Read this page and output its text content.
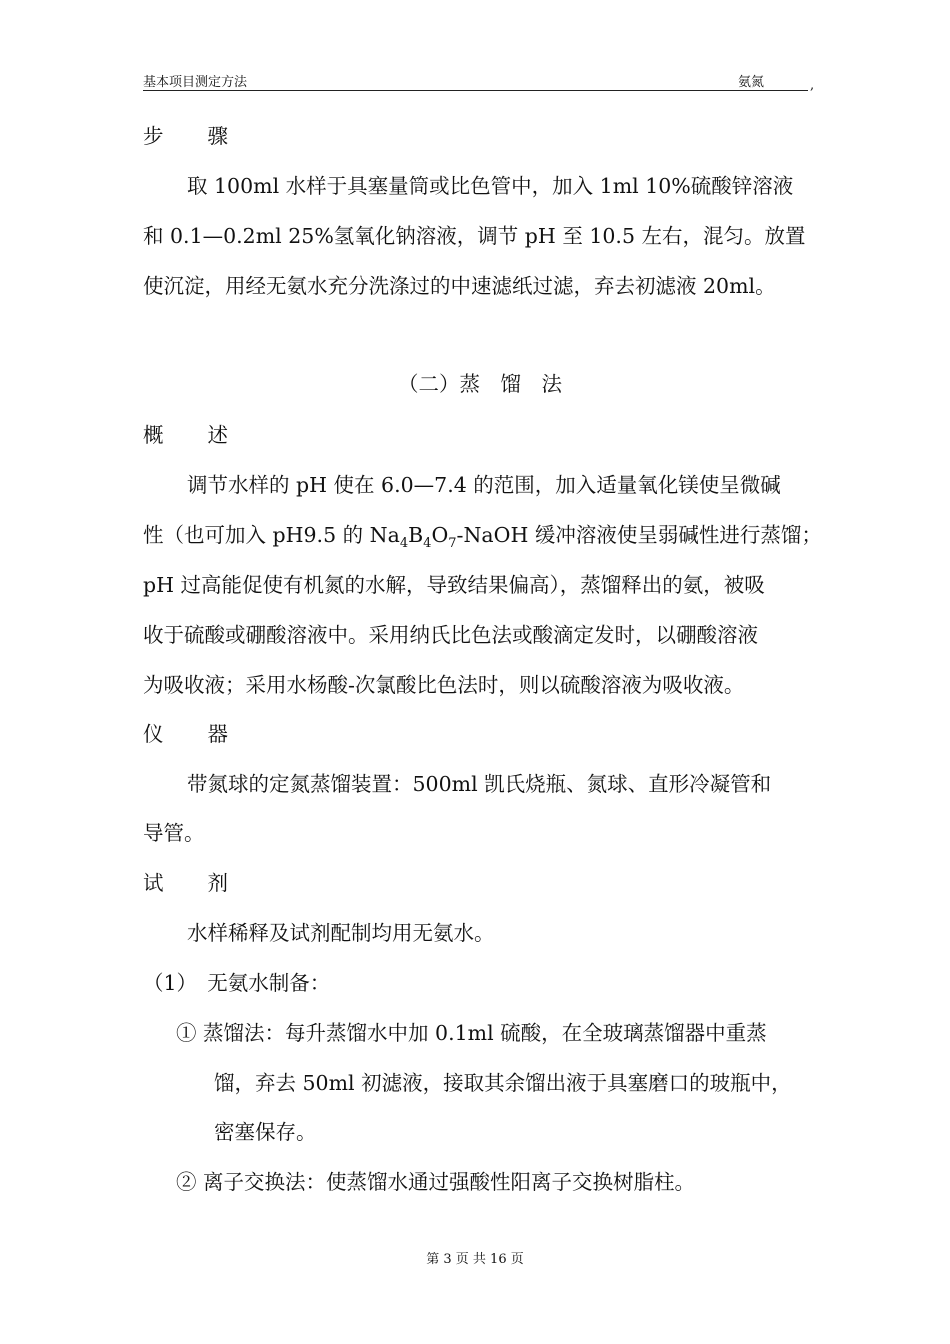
基本项目测定方法	氨氮	,
步 骤
取 100ml 水样于具塞量筒或比色管中，加入 1ml 10%硫酸锌溶液
和 0.1—0.2ml 25%氢氧化钠溶液，调节 pH 至 10.5 左右，混匀。放置
使沉淀，用经无氨水充分洗涤过的中速滤纸过滤，弃去初滤液 20ml。
（二）蒸　馏　法
概 述
调节水样的 pH 使在 6.0—7.4 的范围，加入适量氧化镁使呈微碱
性（也可加入 pH9.5 的 $Na_4B_4O_7$-NaOH 缓冲溶液使呈弱碱性进行蒸馏；
pH 过高能促使有机氮的水解，导致结果偏高），蒸馏释出的氨，被吸
收于硫酸或硼酸溶液中。采用纳氏比色法或酸滴定发时，以硼酸溶液
为吸收液；采用水杨酸-次氯酸比色法时，则以硫酸溶液为吸收液。
仪 器
带氮球的定氮蒸馏装置：500ml 凯氏烧瓶、氮球、直形冷凝管和
导管。
试 剂
水样稀释及试剂配制均用无氨水。
（1）　无氨水制备：
① 蒸馏法：每升蒸馏水中加 0.1ml 硫酸，在全玻璃蒸馏器中重蒸
馏，弃去 50ml 初滤液，接取其余馏出液于具塞磨口的玻瓶中，
密塞保存。
② 离子交换法：使蒸馏水通过强酸性阳离子交换树脂柱。
第 3 页 共 16 页
